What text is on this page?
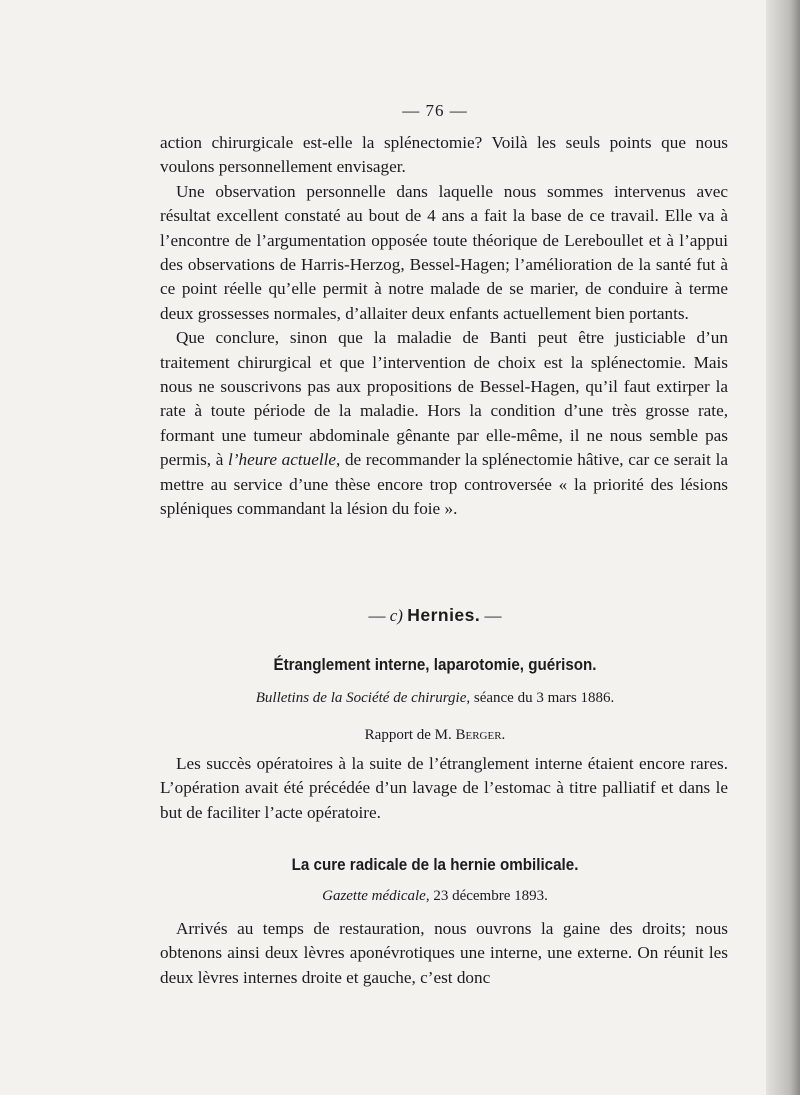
— 76 —

action chirurgicale est-elle la splénectomie? Voilà les seuls points que nous voulons personnellement envisager.

Une observation personnelle dans laquelle nous sommes intervenus avec résultat excellent constaté au bout de 4 ans a fait la base de ce travail. Elle va à l’encontre de l’argumentation opposée toute théorique de Lereboullet et à l’appui des observations de Harris-Herzog, Bessel-Hagen; l’amélioration de la santé fut à ce point réelle qu’elle permit à notre malade de se marier, de conduire à terme deux grossesses normales, d’allaiter deux enfants actuellement bien portants.

Que conclure, sinon que la maladie de Banti peut être justiciable d’un traitement chirurgical et que l’intervention de choix est la splénectomie. Mais nous ne souscrivons pas aux propositions de Bessel-Hagen, qu’il faut extirper la rate à toute période de la maladie. Hors la condition d’une très grosse rate, formant une tumeur abdominale gênante par elle-même, il ne nous semble pas permis, à l’heure actuelle, de recommander la splénectomie hâtive, car ce serait la mettre au service d’une thèse encore trop controversée « la priorité des lésions spléniques commandant la lésion du foie ».

— c) Hernies. —
Étranglement interne, laparotomie, guérison.
Bulletins de la Société de chirurgie, séance du 3 mars 1886.
Rapport de M. Berger.

Les succès opératoires à la suite de l’étranglement interne étaient encore rares. L’opération avait été précédée d’un lavage de l’estomac à titre palliatif et dans le but de faciliter l’acte opératoire.

La cure radicale de la hernie ombilicale.
Gazette médicale, 23 décembre 1893.

Arrivés au temps de restauration, nous ouvrons la gaine des droits; nous obtenons ainsi deux lèvres aponévrotiques une interne, une externe. On réunit les deux lèvres internes droite et gauche, c’est donc
